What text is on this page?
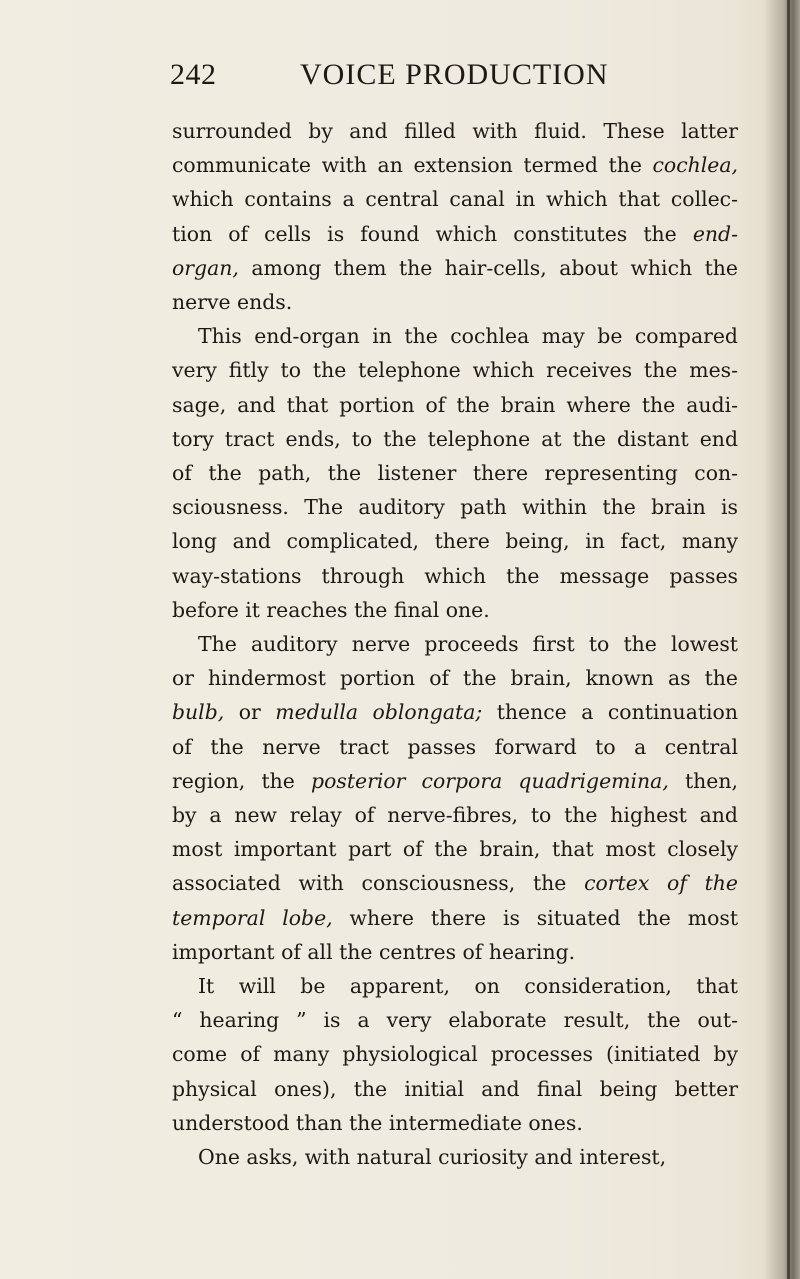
242	VOICE PRODUCTION
surrounded by and filled with fluid. These latter
communicate with an extension termed the cochlea,
which contains a central canal in which that collec-
tion of cells is found which constitutes the end-
organ, among them the hair-cells, about which the
nerve ends.
This end-organ in the cochlea may be compared
very fitly to the telephone which receives the mes-
sage, and that portion of the brain where the audi-
tory tract ends, to the telephone at the distant end
of the path, the listener there representing con-
sciousness. The auditory path within the brain is
long and complicated, there being, in fact, many
way-stations through which the message passes
before it reaches the final one.
The auditory nerve proceeds first to the lowest
or hindermost portion of the brain, known as the
bulb, or medulla oblongata; thence a continuation
of the nerve tract passes forward to a central
region, the posterior corpora quadrigemina, then,
by a new relay of nerve-fibres, to the highest and
most important part of the brain, that most closely
associated with consciousness, the cortex of the
temporal lobe, where there is situated the most
important of all the centres of hearing.
It will be apparent, on consideration, that
“ hearing ” is a very elaborate result, the out-
come of many physiological processes (initiated by
physical ones), the initial and final being better
understood than the intermediate ones.
One asks, with natural curiosity and interest,
